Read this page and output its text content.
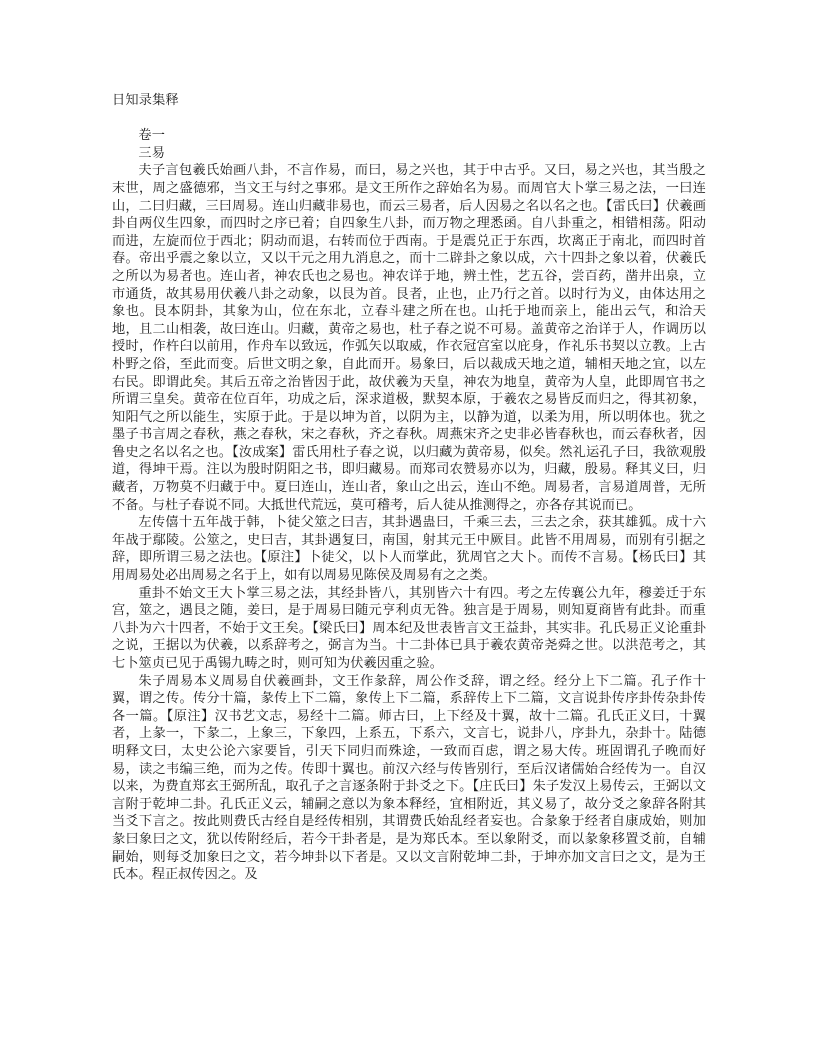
日知录集释
卷一
三易

夫子言包羲氏始画八卦，不言作易，而曰，易之兴也，其于中古乎。又曰，易之兴也，其当殷之末世，周之盛德邪，当文王与纣之事邪。是文王所作之辞始名为易。而周官大卜掌三易之法，一曰连山，二曰归藏，三曰周易。连山归藏非易也，而云三易者，后人因易之名以名之也。【雷氏曰】伏羲画卦自两仪生四象，而四时之序已着；自四象生八卦，而万物之理悉函。自八卦重之，相错相荡。阳动而进，左旋而位于西北；阴动而退，右转而位于西南。于是震兑正于东西，坎离正于南北，而四时首春。帝出乎震之象以立，又以干元之用九消息之，而十二辟卦之象以成，六十四卦之象以着，伏羲氏之所以为易者也。连山者，神农氏也之易也。神农详于地，辨土性，艺五谷，尝百药，凿井出泉，立市通货，故其易用伏羲八卦之动象，以艮为首。艮者，止也，止乃行之首。以时行为义，由体达用之象也。艮本阴卦，其象为山，位在东北，立春斗建之所在也。山托于地而亲上，能出云气，和洽天地，且二山相袭，故曰连山。归藏，黄帝之易也，杜子春之说不可易。盖黄帝之治详于人，作调历以授时，作杵臼以前用，作舟车以致远，作弧矢以取威，作衣冠宫室以庇身，作礼乐书契以立教。上古朴野之俗，至此而变。后世文明之象，自此而开。易象曰，后以裁成天地之道，辅相天地之宜，以左右民。即谓此矣。其后五帝之治皆因于此，故伏羲为天皇，神农为地皇，黄帝为人皇，此即周官书之所谓三皇矣。黄帝在位百年，功成之后，深求道极，默契本原，于羲农之易皆反而归之，得其初象，知阳气之所以能生，实原于此。于是以坤为首，以阴为主，以静为道，以柔为用，所以明体也。犹之墨子书言周之春秋，燕之春秋，宋之春秋，齐之春秋。周燕宋齐之史非必皆春秋也，而云春秋者，因鲁史之名以名之也。【汝成案】雷氏用杜子春之说，以归藏为黄帝易，似矣。然礼运孔子曰，我欲观殷道，得坤干焉。注以为殷时阴阳之书，即归藏易。而郑司农赞易亦以为，归藏，殷易。释其义曰，归藏者，万物莫不归藏于中。夏曰连山，连山者，象山之出云，连山不绝。周易者，言易道周普，无所不备。与杜子春说不同。大抵世代荒远，莫可稽考，后人徒从推测得之，亦各存其说而已。

左传僖十五年战于韩，卜徒父筮之曰吉，其卦遇蛊曰，千乘三去，三去之余，获其雄狐。成十六年战于鄢陵。公筮之，史曰吉，其卦遇复曰，南国，射其元王中厥目。此皆不用周易，而别有引据之辞，即所谓三易之法也。【原注】卜徒父，以卜人而掌此，犹周官之大卜。而传不言易。【杨氏曰】其用周易处必出周易之名于上，如有以周易见陈侯及周易有之之类。

重卦不始文王大卜掌三易之法，其经卦皆八，其别皆六十有四。考之左传襄公九年，穆姜迁于东宫，筮之，遇艮之随，姜曰，是于周易曰随元亨利贞无咎。独言是于周易，则知夏商皆有此卦。而重八卦为六十四者，不始于文王矣。【梁氏曰】周本纪及世表皆言文王益卦，其实非。孔氏易正义论重卦之说，王据以为伏羲，以系辞考之，弼言为当。十二卦体已具于羲农黄帝尧舜之世。以洪范考之，其七卜筮贞已见于禹锡九畴之时，则可知为伏羲因重之验。

朱子周易本义周易自伏羲画卦，文王作彖辞，周公作爻辞，谓之经。经分上下二篇。孔子作十翼，谓之传。传分十篇，彖传上下二篇，象传上下二篇，系辞传上下二篇，文言说卦传序卦传杂卦传各一篇。【原注】汉书艺文志，易经十二篇。师古曰，上下经及十翼，故十二篇。孔氏正义曰，十翼者，上彖一，下彖二，上象三，下象四，上系五，下系六，文言七，说卦八，序卦九，杂卦十。陆德明释文曰，太史公论六家要旨，引天下同归而殊途，一致而百虑，谓之易大传。班固谓孔子晚而好易，读之韦编三绝，而为之传。传即十翼也。前汉六经与传皆别行，至后汉诸儒始合经传为一。自汉以来，为费直郑玄王弼所乱，取孔子之言逐条附于卦爻之下。【庄氏曰】朱子发汉上易传云，王弼以文言附于乾坤二卦。孔氏正义云，辅嗣之意以为象本释经，宜相附近，其义易了，故分爻之象辞各附其当爻下言之。按此则费氏古经自是经传相别，其谓费氏始乱经者妄也。合彖象于经者自康成始，则加彖曰象曰之文，犹以传附经后，若今干卦者是，是为郑氏本。至以象附爻，而以彖象移置爻前，自辅嗣始，则每爻加象曰之文，若今坤卦以下者是。又以文言附乾坤二卦，于坤亦加文言曰之文，是为王氏本。程正叔传因之。及
